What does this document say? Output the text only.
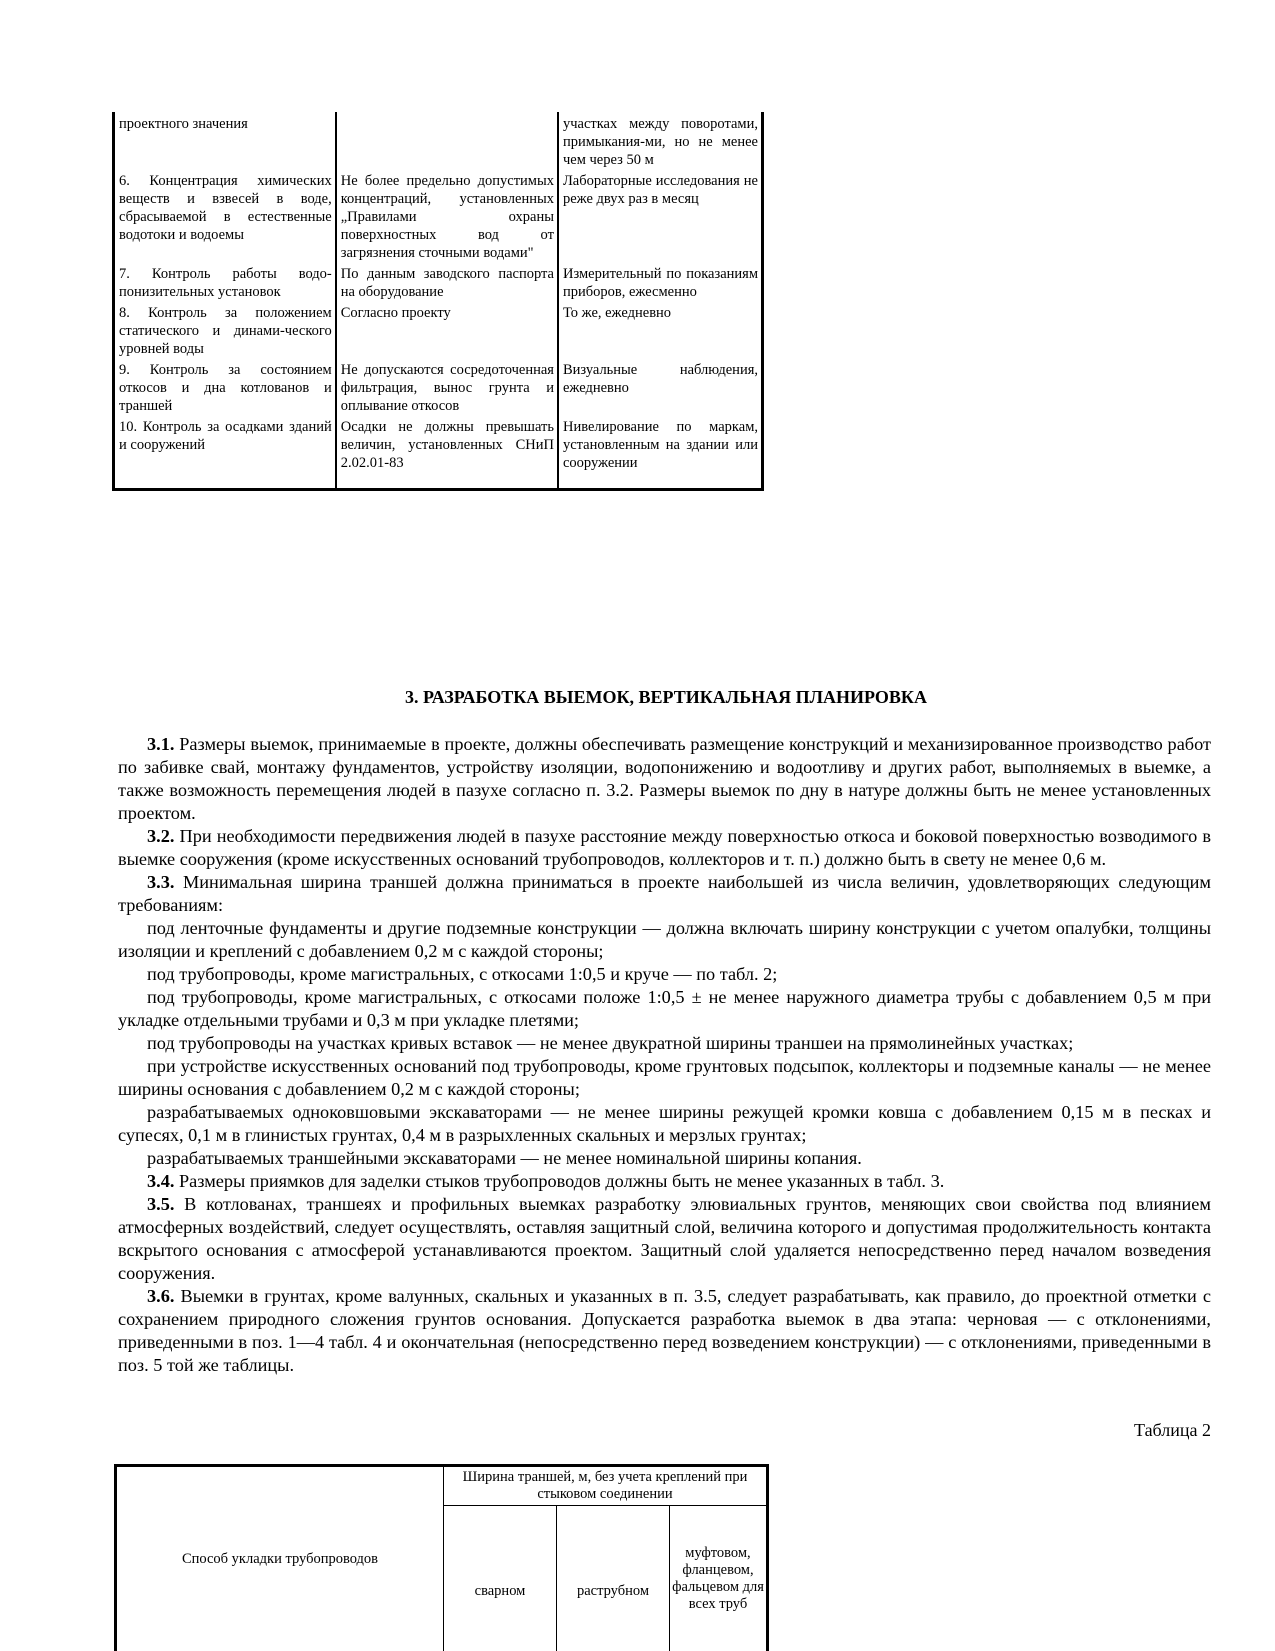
проектного значения		участках между поворотами, примыкания-ми, но не менее чем через 50 м
6. Концентрация химических веществ и взвесей в воде, сбрасываемой в естественные водотоки и водоемы	Не более предельно допустимых концентраций, установленных „Правилами охраны поверхностных вод от загрязнения сточными водами"	Лабораторные исследования не реже двух раз в месяц
7. Контроль работы водо-понизительных установок	По данным заводского паспорта на оборудование	Измерительный по показаниям приборов, ежесменно
8. Контроль за положением статического и динами-ческого уровней воды	Согласно проекту	То же, ежедневно
9. Контроль за состоянием откосов и дна котлованов и траншей	Не допускаются сосредоточенная фильтрация, вынос грунта и оплывание откосов	Визуальные наблюдения, ежедневно
10. Контроль за осадками зданий и сооружений	Осадки не должны превышать величин, установленных СНиП 2.02.01-83	Нивелирование по маркам, установленным на здании или сооружении
3. РАЗРАБОТКА ВЫЕМОК, ВЕРТИКАЛЬНАЯ ПЛАНИРОВКА

3.1. Размеры выемок, принимаемые в проекте, должны обеспечивать размещение конструкций и механизированное производство работ по забивке свай, монтажу фундаментов, устройству изоляции, водопонижению и водоотливу и других работ, выполняемых в выемке, а также возможность перемещения людей в пазухе согласно п. 3.2. Размеры выемок по дну в натуре должны быть не менее установленных проектом.

3.2. При необходимости передвижения людей в пазухе расстояние между поверхностью откоса и боковой поверхностью возводимого в выемке сооружения (кроме искусственных оснований трубопроводов, коллекторов и т. п.) должно быть в свету не менее 0,6 м.

3.3. Минимальная ширина траншей должна приниматься в проекте наибольшей из числа величин, удовлетворяющих следующим требованиям:

под ленточные фундаменты и другие подземные конструкции — должна включать ширину конструкции с учетом опалубки, толщины изоляции и креплений с добавлением 0,2 м с каждой стороны;

под трубопроводы, кроме магистральных, с откосами 1:0,5 и круче — по табл. 2;

под трубопроводы, кроме магистральных, с откосами положе 1:0,5 ± не менее наружного диаметра трубы с добавлением 0,5 м при укладке отдельными трубами и 0,3 м при укладке плетями;

под трубопроводы на участках кривых вставок — не менее двукратной ширины траншеи на прямолинейных участках;

при устройстве искусственных оснований под трубопроводы, кроме грунтовых подсыпок, коллекторы и подземные каналы — не менее ширины основания с добавлением 0,2 м с каждой стороны;

разрабатываемых одноковшовыми экскаваторами — не менее ширины режущей кромки ковша с добавлением 0,15 м в песках и супесях, 0,1 м в глинистых грунтах, 0,4 м в разрыхленных скальных и мерзлых грунтах;

разрабатываемых траншейными экскаваторами — не менее номинальной ширины копания.

3.4. Размеры приямков для заделки стыков трубопроводов должны быть не менее указанных в табл. 3.

3.5. В котлованах, траншеях и профильных выемках разработку элювиальных грунтов, меняющих свои свойства под влиянием атмосферных воздействий, следует осуществлять, оставляя защитный слой, величина которого и допустимая продолжительность контакта вскрытого основания с атмосферой устанавливаются проектом. Защитный слой удаляется непосредственно перед началом возведения сооружения.

3.6. Выемки в грунтах, кроме валунных, скальных и указанных в п. 3.5, следует разрабатывать, как правило, до проектной отметки с сохранением природного сложения грунтов основания. Допускается разработка выемок в два этапа: черновая — с отклонениями, приведенными в поз. 1—4 табл. 4 и окончательная (непосредственно перед возведением конструкции) — с отклонениями, приведенными в поз. 5 той же таблицы.

Таблица 2
Способ укладки трубопроводов	Ширина траншей, м, без учета креплений при стыковом соединении		
	сварном	раструбном	муфтовом, фланцевом, фальцевом для всех труб
